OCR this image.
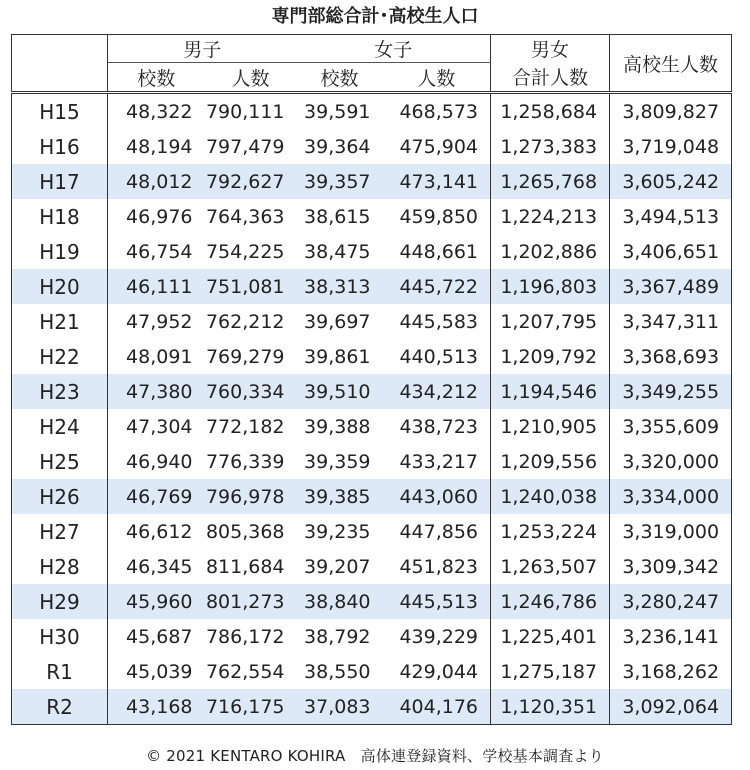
専門部総合計･高校生人口
	男子		女子		男女	高校生人数
	校数	人数	校数	人数	合計人数	
H15	48,322	790,111	39,591	468,573	1,258,684	3,809,827
H16	48,194	797,479	39,364	475,904	1,273,383	3,719,048
H17	48,012	792,627	39,357	473,141	1,265,768	3,605,242
H18	46,976	764,363	38,615	459,850	1,224,213	3,494,513
H19	46,754	754,225	38,475	448,661	1,202,886	3,406,651
H20	46,111	751,081	38,313	445,722	1,196,803	3,367,489
H21	47,952	762,212	39,697	445,583	1,207,795	3,347,311
H22	48,091	769,279	39,861	440,513	1,209,792	3,368,693
H23	47,380	760,334	39,510	434,212	1,194,546	3,349,255
H24	47,304	772,182	39,388	438,723	1,210,905	3,355,609
H25	46,940	776,339	39,359	433,217	1,209,556	3,320,000
H26	46,769	796,978	39,385	443,060	1,240,038	3,334,000
H27	46,612	805,368	39,235	447,856	1,253,224	3,319,000
H28	46,345	811,684	39,207	451,823	1,263,507	3,309,342
H29	45,960	801,273	38,840	445,513	1,246,786	3,280,247
H30	45,687	786,172	38,792	439,229	1,225,401	3,236,141
R1	45,039	762,554	38,550	429,044	1,275,187	3,168,262
R2	43,168	716,175	37,083	404,176	1,120,351	3,092,064
© 2021 KENTARO KOHIRA　高体連登録資料、学校基本調査より
